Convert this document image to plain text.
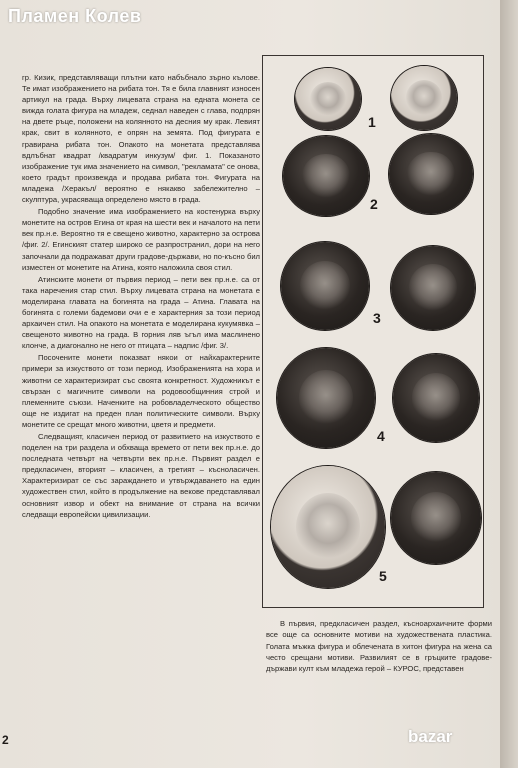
Пламен Колев

гр. Кизик, представляващи плътни като набъбнало зърно кълове. Те имат изображението на рибата тон. Тя е била главният износен артикул на града. Върху лицевата страна на едната монета се вижда голата фигура на младеж, седнал наведен с глава, подпрян на двете ръце, положени на колянното на десния му крак. Левият крак, свит в колянното, е опрян на земята. Под фигурата е гравирана рибата тон. Опакото на монетата представлява вдлъбнат квадрат /квадратум инкузум/ фиг. 1. Показаното изображение тук има значението на символ, "рекламата" се онова, което градът произвежда и продава рибата тон. Фигурата на младежа /Херакъл/ вероятно е някакво забележително – скулптура, украсяваща определено място в града.

Подобно значение има изображението на костенурка върху монетите на остров Егина от края на шести век и началото на пети век пр.н.е. Вероятно тя е свещено животно, характерно за острова /фиг. 2/. Егинският статер широко се разпространил, дори на него започнали да подражават други градове-държави, но по-късно бил изместен от монетите на Атина, която наложила своя стил.

Атинските монети от първия период – пети век пр.н.е. са от така наречения стар стил. Върху лицевата страна на монетата е моделирана главата на богинята на града – Атина. Главата на богинята с големи бадемови очи е е характерния за този период архаичен стил. На опакото на монетата е моделирана кукумявка – свещеното животно на града. В горния ляв ъгъл има маслинено клонче, а диагонално не него от птицата – надпис /фиг. 3/.

Посочените монети показват някои от найхарактерните примери за изкуството от този период. Изображенията на хора и животни се характеризират със своята конкретност. Художникът е свързан с магичните символи на родовообщинния строй и племенните съюзи. Наченките на робовладелческото общество още не издигат на преден план политическите символи. Върху монетите се срещат много животни, цветя и предмети.

Следващият, класичен период от развитието на изкуството е поделен на три раздела и обхваща времето от пети век пр.н.е. до последната четвърт на четвърти век пр.н.е. Първият раздел е предкласичен, вторият – класичен, а третият – късноласичен. Характеризират се със зараждането и утвърждаването на един художествен стил, който в продължение на векове представлявал основният извор и обект на внимание от страна на всички следващи европейски цивилизации.

1
2
3
4
5

В първия, предкласичен раздел, късноархаичните форми все още са основните мотиви на художествената пластика. Голата мъжка фигура и облечената в хитон фигура на жена са често срещани мотиви. Развилият се в гръцките градове-държави култ към младежа герой – КУРОС, представен

2	bazar
